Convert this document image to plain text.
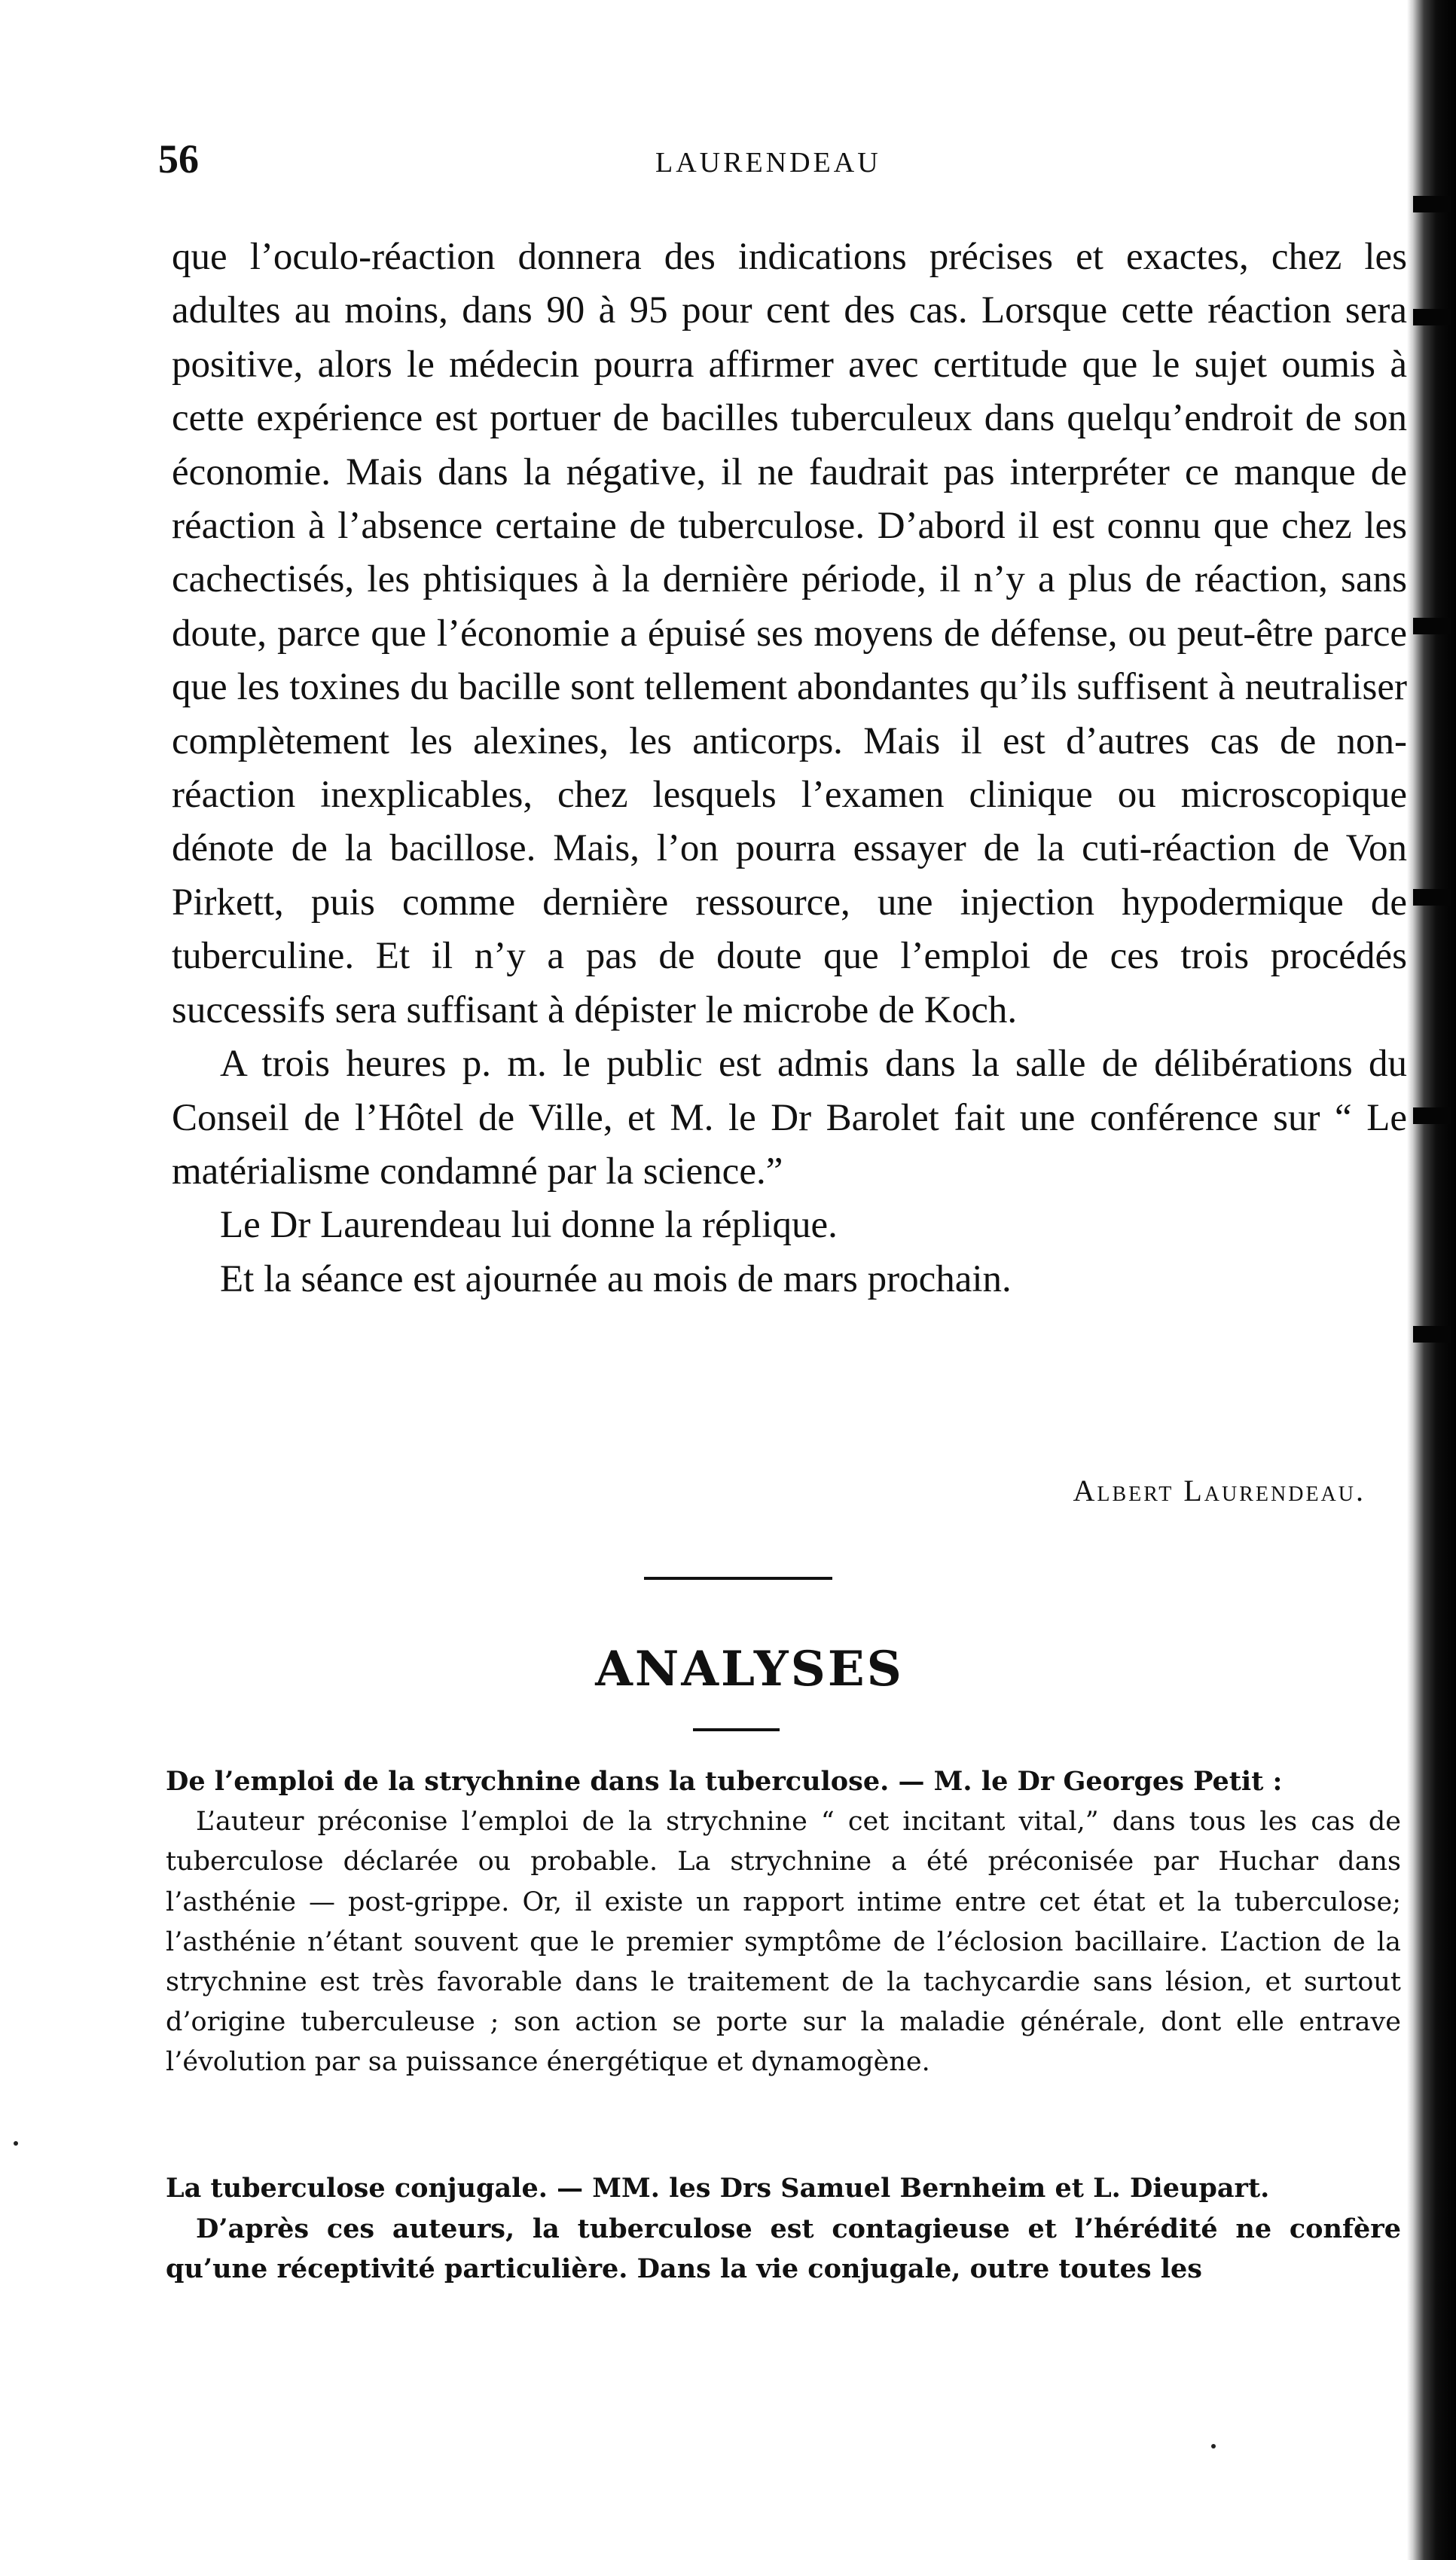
56	LAURENDEAU

que l’oculo-réaction donnera des indications précises et exactes, chez les adultes au moins, dans 90 à 95 pour cent des cas. Lorsque cette réaction sera positive, alors le médecin pourra affirmer avec certitude que le sujet oumis à cette expérience est portuer de bacilles tuberculeux dans quelqu’endroit de son économie. Mais dans la négative, il ne faudrait pas interpréter ce manque de réaction à l’absence certaine de tuberculose. D’abord il est connu que chez les cachectisés, les phtisiques à la dernière période, il n’y a plus de réaction, sans doute, parce que l’économie a épuisé ses moyens de défense, ou peut-être parce que les toxines du bacille sont tellement abondantes qu’ils suffisent à neutraliser complètement les alexines, les anticorps. Mais il est d’autres cas de non-réaction inexplicables, chez lesquels l’examen clinique ou microscopique dénote de la bacillose. Mais, l’on pourra essayer de la cuti-réaction de Von Pirkett, puis comme dernière ressource, une injection hypodermique de tuberculine. Et il n’y a pas de doute que l’emploi de ces trois procédés successifs sera suffisant à dépister le microbe de Koch.

A trois heures p. m. le public est admis dans la salle de délibérations du Conseil de l’Hôtel de Ville, et M. le Dr Barolet fait une conférence sur “ Le matérialisme condamné par la science.”

Le Dr Laurendeau lui donne la réplique.

Et la séance est ajournée au mois de mars prochain.

Albert Laurendeau.
ANALYSES

De l’emploi de la strychnine dans la tuberculose. — M. le Dr Georges Petit :

L’auteur préconise l’emploi de la strychnine “ cet incitant vital,” dans tous les cas de tuberculose déclarée ou probable. La strychnine a été préconisée par Huchar dans l’asthénie — post-grippe. Or, il existe un rapport intime entre cet état et la tuberculose; l’asthénie n’étant souvent que le premier symptôme de l’éclosion bacillaire. L’action de la strychnine est très favorable dans le traitement de la tachycardie sans lésion, et surtout d’origine tuberculeuse ; son action se porte sur la maladie générale, dont elle entrave l’évolution par sa puissance énergétique et dynamogène.

La tuberculose conjugale. — MM. les Drs Samuel Bernheim et L. Dieupart.

D’après ces auteurs, la tuberculose est contagieuse et l’hérédité ne confère qu’une réceptivité particulière. Dans la vie conjugale, outre toutes les
